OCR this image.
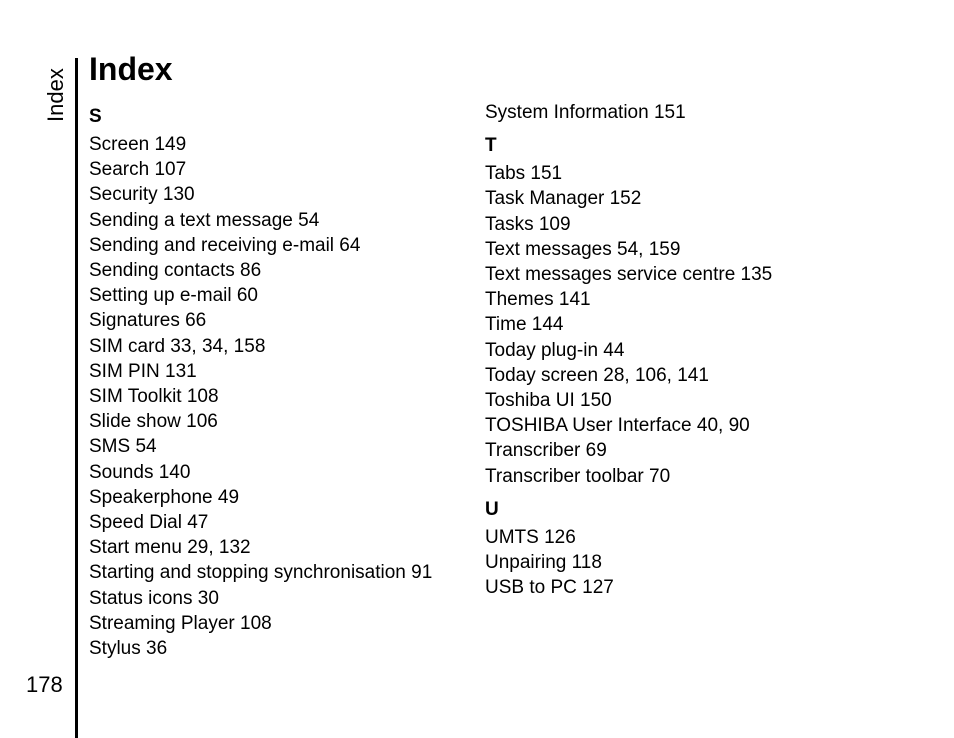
Index
178
Index
S
Screen 149
Search 107
Security 130
Sending a text message 54
Sending and receiving e-mail 64
Sending contacts 86
Setting up e-mail 60
Signatures 66
SIM card 33, 34, 158
SIM PIN 131
SIM Toolkit 108
Slide show 106
SMS 54
Sounds 140
Speakerphone 49
Speed Dial 47
Start menu 29, 132
Starting and stopping synchronisation 91
Status icons 30
Streaming Player 108
Stylus 36
System Information 151
T
Tabs 151
Task Manager 152
Tasks 109
Text messages 54, 159
Text messages service centre 135
Themes 141
Time 144
Today plug-in 44
Today screen 28, 106, 141
Toshiba UI 150
TOSHIBA User Interface 40, 90
Transcriber 69
Transcriber toolbar 70
U
UMTS 126
Unpairing 118
USB to PC 127
